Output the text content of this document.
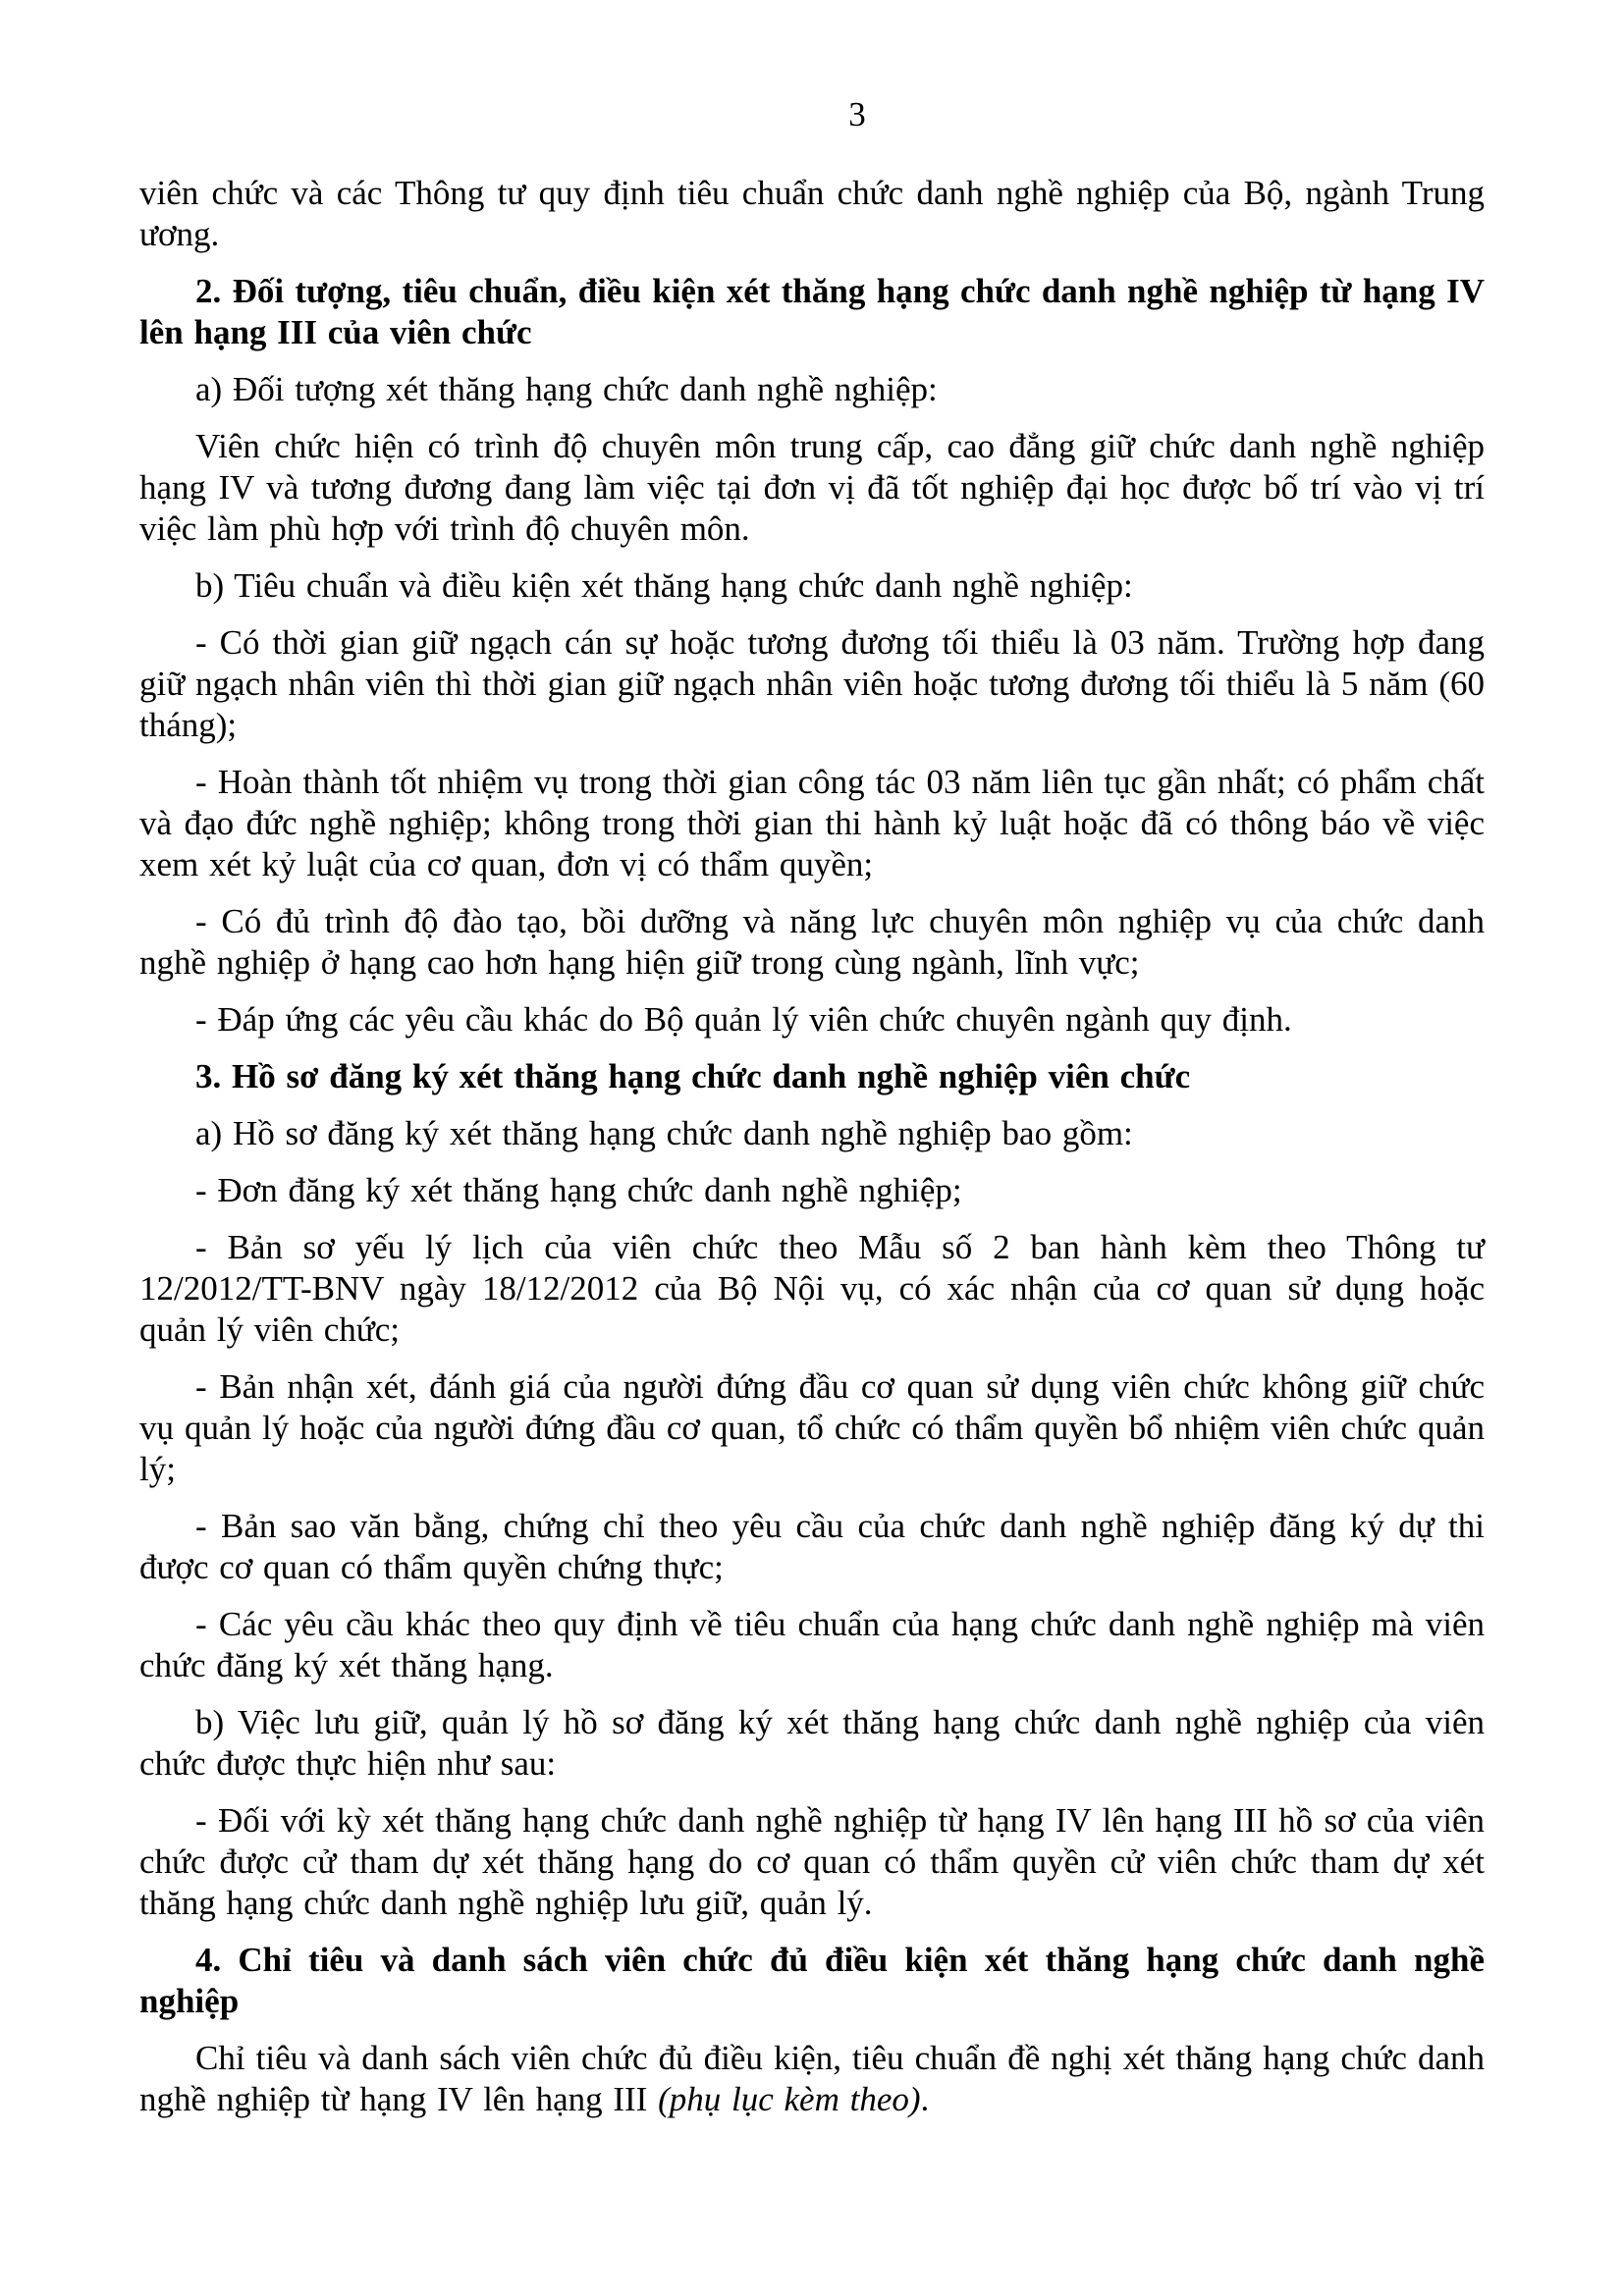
3

viên chức và các Thông tư quy định tiêu chuẩn chức danh nghề nghiệp của Bộ, ngành Trung ương.

2. Đối tượng, tiêu chuẩn, điều kiện xét thăng hạng chức danh nghề nghiệp từ hạng IV lên hạng III của viên chức

a) Đối tượng xét thăng hạng chức danh nghề nghiệp:

Viên chức hiện có trình độ chuyên môn trung cấp, cao đẳng giữ chức danh nghề nghiệp hạng IV và tương đương đang làm việc tại đơn vị đã tốt nghiệp đại học được bố trí vào vị trí việc làm phù hợp với trình độ chuyên môn.

b) Tiêu chuẩn và điều kiện xét thăng hạng chức danh nghề nghiệp:

- Có thời gian giữ ngạch cán sự hoặc tương đương tối thiểu là 03 năm. Trường hợp đang giữ ngạch nhân viên thì thời gian giữ ngạch nhân viên hoặc tương đương tối thiểu là 5 năm (60 tháng);

- Hoàn thành tốt nhiệm vụ trong thời gian công tác 03 năm liên tục gần nhất; có phẩm chất và đạo đức nghề nghiệp; không trong thời gian thi hành kỷ luật hoặc đã có thông báo về việc xem xét kỷ luật của cơ quan, đơn vị có thẩm quyền;

- Có đủ trình độ đào tạo, bồi dưỡng và năng lực chuyên môn nghiệp vụ của chức danh nghề nghiệp ở hạng cao hơn hạng hiện giữ trong cùng ngành, lĩnh vực;

- Đáp ứng các yêu cầu khác do Bộ quản lý viên chức chuyên ngành quy định.

3. Hồ sơ đăng ký xét thăng hạng chức danh nghề nghiệp viên chức

a) Hồ sơ đăng ký xét thăng hạng chức danh nghề nghiệp bao gồm:

- Đơn đăng ký xét thăng hạng chức danh nghề nghiệp;

- Bản sơ yếu lý lịch của viên chức theo Mẫu số 2 ban hành kèm theo Thông tư 12/2012/TT-BNV ngày 18/12/2012 của Bộ Nội vụ, có xác nhận của cơ quan sử dụng hoặc quản lý viên chức;

- Bản nhận xét, đánh giá của người đứng đầu cơ quan sử dụng viên chức không giữ chức vụ quản lý hoặc của người đứng đầu cơ quan, tổ chức có thẩm quyền bổ nhiệm viên chức quản lý;

- Bản sao văn bằng, chứng chỉ theo yêu cầu của chức danh nghề nghiệp đăng ký dự thi được cơ quan có thẩm quyền chứng thực;

- Các yêu cầu khác theo quy định về tiêu chuẩn của hạng chức danh nghề nghiệp mà viên chức đăng ký xét thăng hạng.

b) Việc lưu giữ, quản lý hồ sơ đăng ký xét thăng hạng chức danh nghề nghiệp của viên chức được thực hiện như sau:

- Đối với kỳ xét thăng hạng chức danh nghề nghiệp từ hạng IV lên hạng III hồ sơ của viên chức được cử tham dự xét thăng hạng do cơ quan có thẩm quyền cử viên chức tham dự xét thăng hạng chức danh nghề nghiệp lưu giữ, quản lý.

4. Chỉ tiêu và danh sách viên chức đủ điều kiện xét thăng hạng chức danh nghề nghiệp

Chỉ tiêu và danh sách viên chức đủ điều kiện, tiêu chuẩn đề nghị xét thăng hạng chức danh nghề nghiệp từ hạng IV lên hạng III (phụ lục kèm theo).
